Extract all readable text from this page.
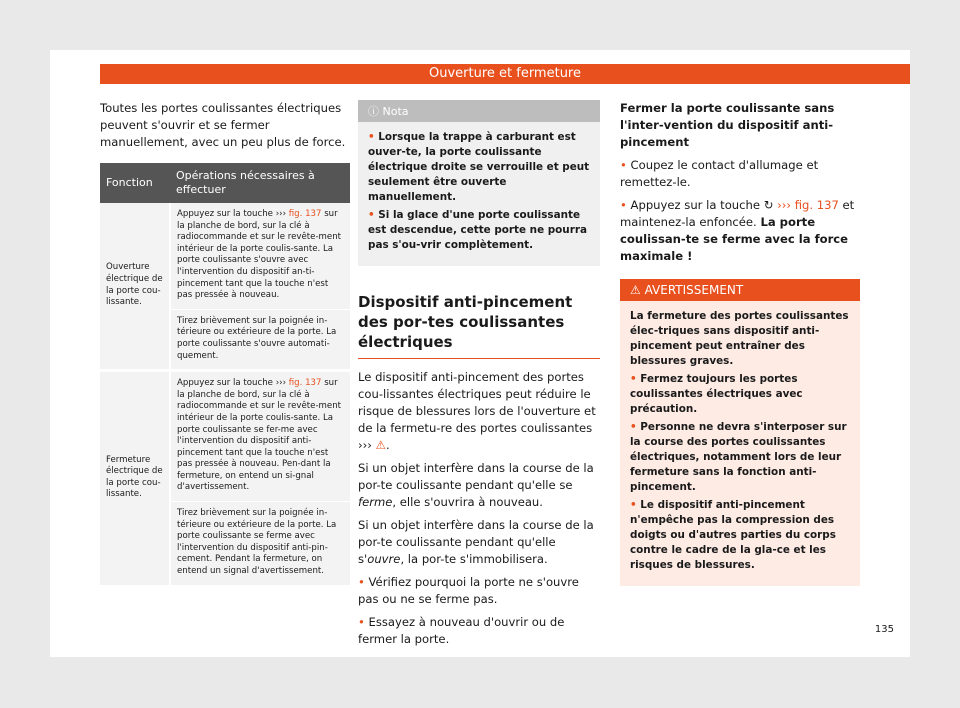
Ouverture et fermeture

Toutes les portes coulissantes électriques peuvent s'ouvrir et se fermer manuellement, avec un peu plus de force.

Fonction	Opérations nécessaires à effectuer
Ouverture électrique de la porte cou-lissante.	Appuyez sur la touche ››› fig. 137 sur la planche de bord, sur la clé à radiocommande et sur le revête-ment intérieur de la porte coulis-sante. La porte coulissante s'ouvre avec l'intervention du dispositif an-ti-pincement tant que la touche n'est pas pressée à nouveau.
	Tirez brièvement sur la poignée in-térieure ou extérieure de la porte. La porte coulissante s'ouvre automati-quement.
Fermeture électrique de la porte cou-lissante.	Appuyez sur la touche ››› fig. 137 sur la planche de bord, sur la clé à radiocommande et sur le revête-ment intérieur de la porte coulis-sante. La porte coulissante se fer-me avec l'intervention du dispositif anti-pincement tant que la touche n'est pas pressée à nouveau. Pen-dant la fermeture, on entend un si-gnal d'avertissement.
	Tirez brièvement sur la poignée in-térieure ou extérieure de la porte. La porte coulissante se ferme avec l'intervention du dispositif anti-pin-cement. Pendant la fermeture, on entend un signal d'avertissement.
ⓘ Nota

• Lorsque la trappe à carburant est ouver-te, la porte coulissante électrique droite se verrouille et peut seulement être ouverte manuellement.

• Si la glace d'une porte coulissante est descendue, cette porte ne pourra pas s'ou-vrir complètement.

Dispositif anti-pincement des por-tes coulissantes électriques

Le dispositif anti-pincement des portes cou-lissantes électriques peut réduire le risque de blessures lors de l'ouverture et de la fermetu-re des portes coulissantes ››› ⚠.

Si un objet interfère dans la course de la por-te coulissante pendant qu'elle se ferme, elle s'ouvrira à nouveau.

Si un objet interfère dans la course de la por-te coulissante pendant qu'elle s'ouvre, la por-te s'immobilisera.

• Vérifiez pourquoi la porte ne s'ouvre pas ou ne se ferme pas.

• Essayez à nouveau d'ouvrir ou de fermer la porte.

Fermer la porte coulissante sans l'inter-vention du dispositif anti-pincement

• Coupez le contact d'allumage et remettez-le.

• Appuyez sur la touche ↻ ››› fig. 137 et maintenez-la enfoncée. La porte coulissan-te se ferme avec la force maximale !

⚠ AVERTISSEMENT

La fermeture des portes coulissantes élec-triques sans dispositif anti-pincement peut entraîner des blessures graves.

• Fermez toujours les portes coulissantes électriques avec précaution.

• Personne ne devra s'interposer sur la course des portes coulissantes électriques, notamment lors de leur fermeture sans la fonction anti-pincement.

• Le dispositif anti-pincement n'empêche pas la compression des doigts ou d'autres parties du corps contre le cadre de la gla-ce et les risques de blessures.

135
